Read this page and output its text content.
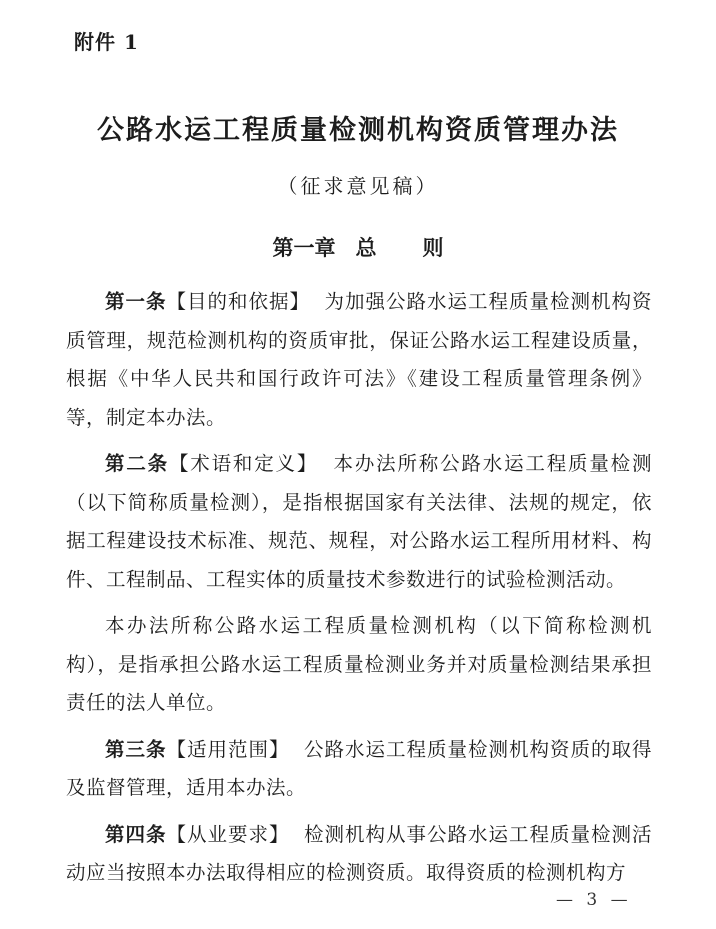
附件 1
公路水运工程质量检测机构资质管理办法
（征求意见稿）
第一章 总 则

第一条【目的和依据】 为加强公路水运工程质量检测机构资质管理，规范检测机构的资质审批，保证公路水运工程建设质量，根据《中华人民共和国行政许可法》《建设工程质量管理条例》等，制定本办法。

第二条【术语和定义】 本办法所称公路水运工程质量检测（以下简称质量检测），是指根据国家有关法律、法规的规定，依据工程建设技术标准、规范、规程，对公路水运工程所用材料、构件、工程制品、工程实体的质量技术参数进行的试验检测活动。

本办法所称公路水运工程质量检测机构（以下简称检测机构），是指承担公路水运工程质量检测业务并对质量检测结果承担责任的法人单位。

第三条【适用范围】 公路水运工程质量检测机构资质的取得及监督管理，适用本办法。

第四条【从业要求】 检测机构从事公路水运工程质量检测活动应当按照本办法取得相应的检测资质。取得资质的检测机构方

— 3 —
